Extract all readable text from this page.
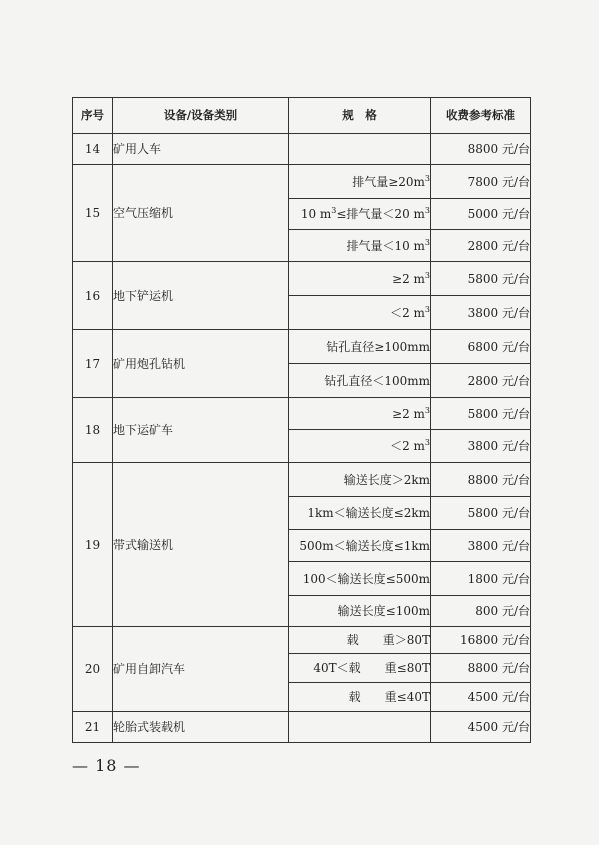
序号	设备/设备类别	规　格	收费参考标准
14	矿用人车		8800 元/台
15	空气压缩机	排气量$\ge 20m^3$	7800 元/台
		10 $m^3\le$排气量＜20 $m^3$	5000 元/台
		排气量＜10 $m^3$	2800 元/台
16	地下铲运机	≥2 $m^3$	5800 元/台
		＜2 $m^3$	3800 元/台
17	矿用炮孔钻机	钻孔直径≥100mm	6800 元/台
		钻孔直径＜100mm	2800 元/台
18	地下运矿车	≥2 $m^3$	5800 元/台
		＜2 $m^3$	3800 元/台
19	带式输送机	输送长度＞2km	8800 元/台
		1km＜输送长度≤2km	5800 元/台
		500m＜输送长度≤1km	3800 元/台
		100＜输送长度≤500m	1800 元/台
		输送长度≤100m	800 元/台
20	矿用自卸汽车	载　　重＞80T	16800 元/台
		40T＜载　　重≤80T	8800 元/台
		载　　重≤40T	4500 元/台
21	轮胎式装载机		4500 元/台
— 18 —
